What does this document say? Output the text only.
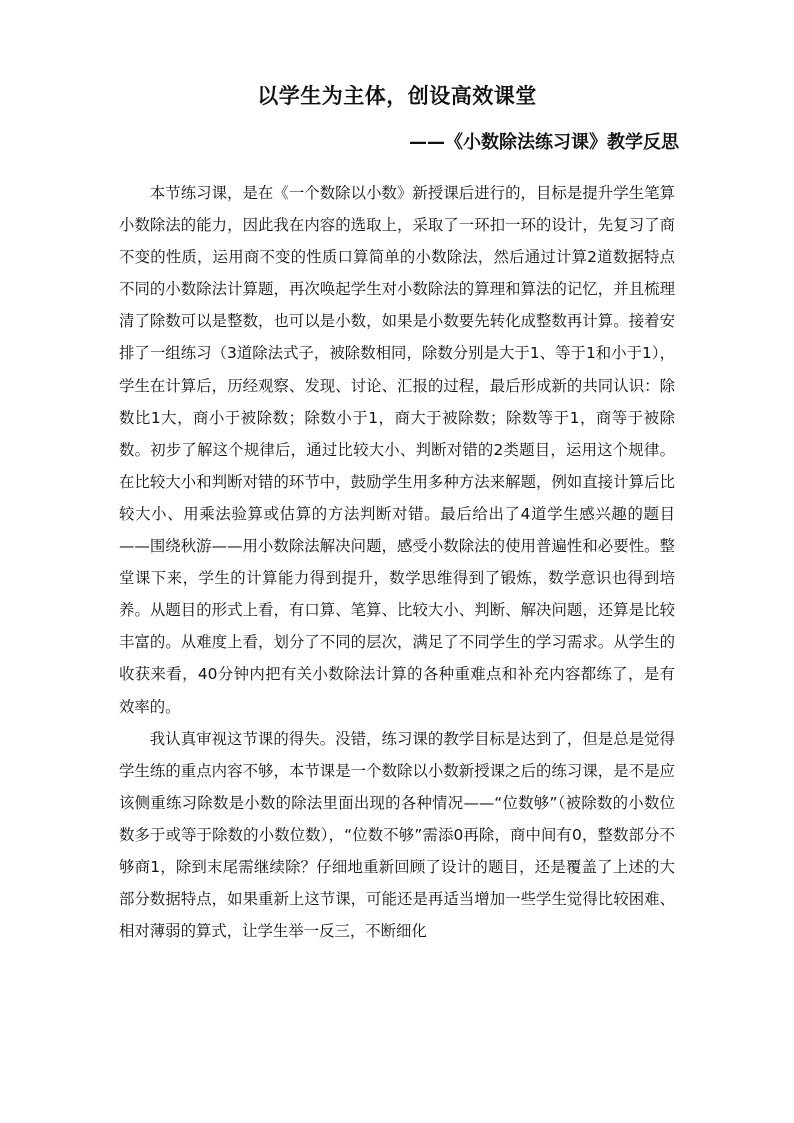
以学生为主体，创设高效课堂
——《小数除法练习课》教学反思

本节练习课，是在《一个数除以小数》新授课后进行的，目标是提升学生笔算小数除法的能力，因此我在内容的选取上，采取了一环扣一环的设计，先复习了商不变的性质，运用商不变的性质口算简单的小数除法，然后通过计算2道数据特点不同的小数除法计算题，再次唤起学生对小数除法的算理和算法的记忆，并且梳理清了除数可以是整数，也可以是小数，如果是小数要先转化成整数再计算。接着安排了一组练习（3道除法式子，被除数相同，除数分别是大于1、等于1和小于1），学生在计算后，历经观察、发现、讨论、汇报的过程，最后形成新的共同认识：除数比1大，商小于被除数；除数小于1，商大于被除数；除数等于1，商等于被除数。初步了解这个规律后，通过比较大小、判断对错的2类题目，运用这个规律。在比较大小和判断对错的环节中，鼓励学生用多种方法来解题，例如直接计算后比较大小、用乘法验算或估算的方法判断对错。最后给出了4道学生感兴趣的题目——围绕秋游——用小数除法解决问题，感受小数除法的使用普遍性和必要性。整堂课下来，学生的计算能力得到提升，数学思维得到了锻炼，数学意识也得到培养。从题目的形式上看，有口算、笔算、比较大小、判断、解决问题，还算是比较丰富的。从难度上看，划分了不同的层次，满足了不同学生的学习需求。从学生的收获来看，40分钟内把有关小数除法计算的各种重难点和补充内容都练了，是有效率的。

我认真审视这节课的得失。没错，练习课的教学目标是达到了，但是总是觉得学生练的重点内容不够，本节课是一个数除以小数新授课之后的练习课，是不是应该侧重练习除数是小数的除法里面出现的各种情况——“位数够”（被除数的小数位数多于或等于除数的小数位数），“位数不够”需添0再除，商中间有0，整数部分不够商1，除到末尾需继续除？仔细地重新回顾了设计的题目，还是覆盖了上述的大部分数据特点，如果重新上这节课，可能还是再适当增加一些学生觉得比较困难、相对薄弱的算式，让学生举一反三，不断细化
